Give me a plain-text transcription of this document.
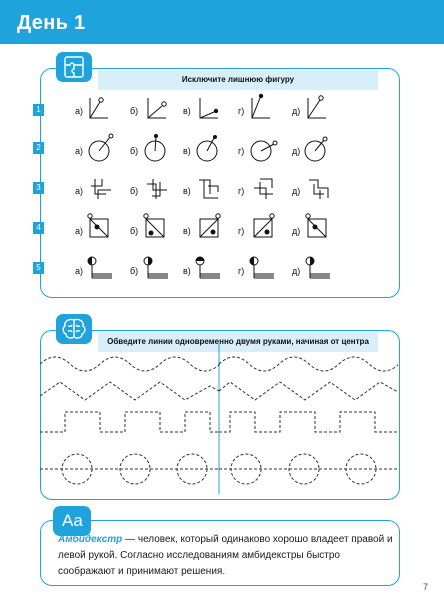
День 1
Исключите лишнюю фигуру
1
2
3
4
5
а)	б)	в)	г)	д)
а)	б)	в)	г)	д)
а)	б)	в)	г)	д)
а)	б)	в)	г)	д)
а)	б)	в)	г)	д)
Обведите линии одновременно двумя руками, начиная от центра
Aa
Амбидекстр — человек, который одинаково хорошо владеет правой и левой рукой. Согласно исследованиям амбидекстры быстро соображают и принимают решения.
7
